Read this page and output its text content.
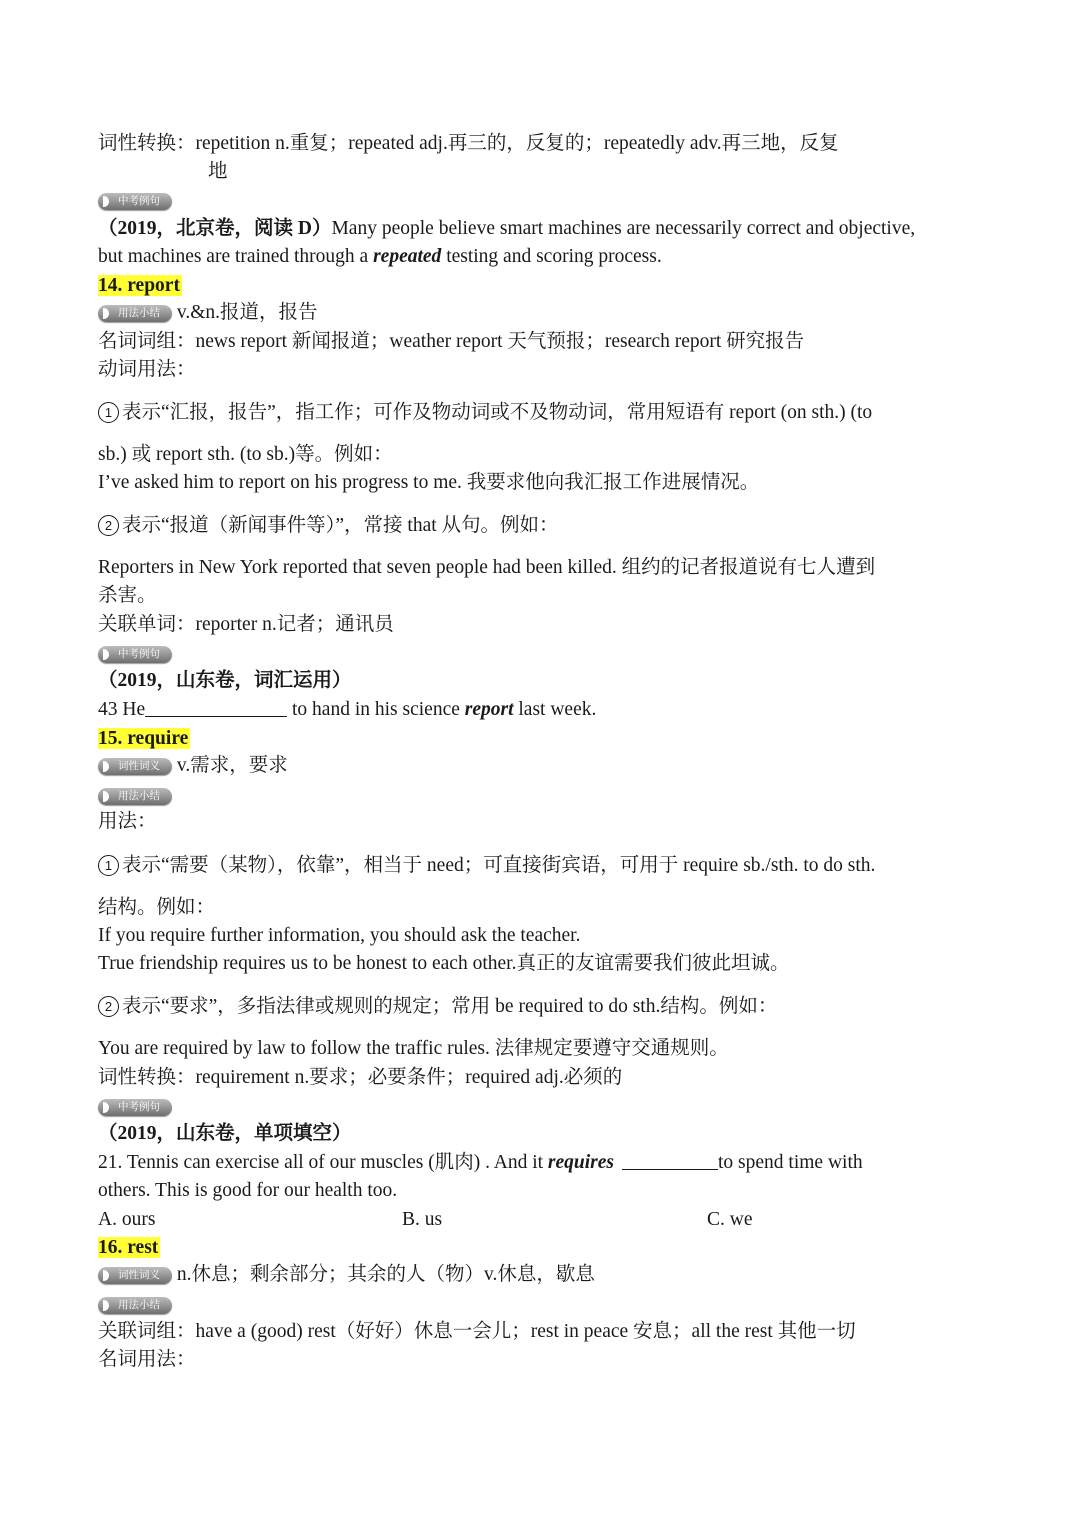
词性转换：repetition n.重复；repeated adj.再三的，反复的；repeatedly adv.再三地，反复
地
中考例句
（2019，北京卷，阅读 D）Many people believe smart machines are necessarily correct and objective,
but machines are trained through a repeated testing and scoring process.
14. report
用法小结 v.&n.报道，报告
名词词组：news report 新闻报道；weather report 天气预报；research report 研究报告
动词用法：
1 表示“汇报，报告”，指工作；可作及物动词或不及物动词，常用短语有 report (on sth.) (to
sb.) 或 report sth. (to sb.)等。例如：
I’ve asked him to report on his progress to me. 我要求他向我汇报工作进展情况。
2 表示“报道（新闻事件等）”，常接 that 从句。例如：
Reporters in New York reported that seven people had been killed. 组约的记者报道说有七人遭到
杀害。
关联单词：reporter n.记者；通讯员
中考例句
（2019，山东卷，词汇运用）
43 He	to hand in his science report last week.
15. require
词性词义 v.需求，要求
用法小结
用法：
1 表示“需要（某物），依靠”，相当于 need；可直接街宾语，可用于 require sb./sth. to do sth.
结构。例如：
If you require further information, you should ask the teacher.
True friendship requires us to be honest to each other.真正的友谊需要我们彼此坦诚。
2 表示“要求”，多指法律或规则的规定；常用 be required to do sth.结构。例如：
You are required by law to follow the traffic rules. 法律规定要遵守交通规则。
词性转换：requirement n.要求；必要条件；required adj.必须的
中考例句
（2019，山东卷，单项填空）
21. Tennis can exercise all of our muscles (肌肉) . And it requires	to spend time with
others. This is good for our health too.
A. ours	B. us	C. we
16. rest
词性词义 n.休息；剩余部分；其余的人（物）v.休息，歇息
用法小结
关联词组：have a (good) rest（好好）休息一会儿；rest in peace 安息；all the rest 其他一切
名词用法：
